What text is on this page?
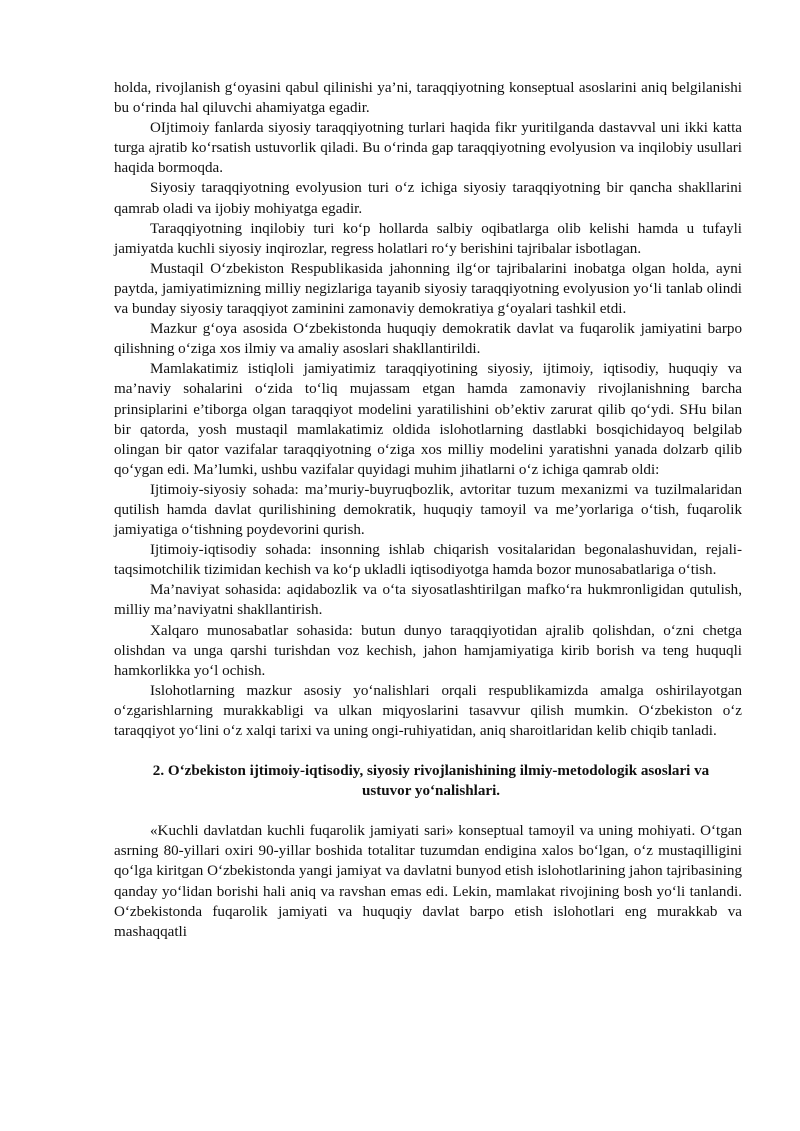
holda, rivojlanish g‘oyasini qabul qilinishi ya’ni, taraqqiyotning konseptual asoslarini aniq belgilanishi bu o‘rinda hal qiluvchi ahamiyatga egadir.

OIjtimoiy fanlarda siyosiy taraqqiyotning turlari haqida fikr yuritilganda dastavval uni ikki katta turga ajratib ko‘rsatish ustuvorlik qiladi. Bu o‘rinda gap taraqqiyotning evolyusion va inqilobiy usullari haqida bormoqda.

Siyosiy taraqqiyotning evolyusion turi o‘z ichiga siyosiy taraqqiyotning bir qancha shakllarini qamrab oladi va ijobiy mohiyatga egadir.

Taraqqiyotning inqilobiy turi ko‘p hollarda salbiy oqibatlarga olib kelishi hamda u tufayli jamiyatda kuchli siyosiy inqirozlar, regress holatlari ro‘y berishini tajribalar isbotlagan.

Mustaqil O‘zbekiston Respublikasida jahonning ilg‘or tajribalarini inobatga olgan holda, ayni paytda, jamiyatimizning milliy negizlariga tayanib siyosiy taraqqiyotning evolyusion yo‘li tanlab olindi va bunday siyosiy taraqqiyot zaminini zamonaviy demokratiya g‘oyalari tashkil etdi.

Mazkur g‘oya asosida O‘zbekistonda huquqiy demokratik davlat va fuqarolik jamiyatini barpo qilishning o‘ziga xos ilmiy va amaliy asoslari shakllantirildi.

Mamlakatimiz istiqloli jamiyatimiz taraqqiyotining siyosiy, ijtimoiy, iqtisodiy, huquqiy va ma’naviy sohalarini o‘zida to‘liq mujassam etgan hamda zamonaviy rivojlanishning barcha prinsiplarini e’tiborga olgan taraqqiyot modelini yaratilishini ob’ektiv zarurat qilib qo‘ydi. SHu bilan bir qatorda, yosh mustaqil mamlakatimiz oldida islohotlarning dastlabki bosqichidayoq belgilab olingan bir qator vazifalar taraqqiyotning o‘ziga xos milliy modelini yaratishni yanada dolzarb qilib qo‘ygan edi. Ma’lumki, ushbu vazifalar quyidagi muhim jihatlarni o‘z ichiga qamrab oldi:

Ijtimoiy-siyosiy sohada: ma’muriy-buyruqbozlik, avtoritar tuzum mexanizmi va tuzilmalaridan qutilish hamda davlat qurilishining demokratik, huquqiy tamoyil va me’yorlariga o‘tish, fuqarolik jamiyatiga o‘tishning poydevorini qurish.

Ijtimoiy-iqtisodiy sohada: insonning ishlab chiqarish vositalaridan begonalashuvidan, rejali-taqsimotchilik tizimidan kechish va ko‘p ukladli iqtisodiyotga hamda bozor munosabatlariga o‘tish.

Ma’naviyat sohasida: aqidabozlik va o‘ta siyosatlashtirilgan mafko‘ra hukmronligidan qutulish, milliy ma’naviyatni shakllantirish.

Xalqaro munosabatlar sohasida: butun dunyo taraqqiyotidan ajralib qolishdan, o‘zni chetga olishdan va unga qarshi turishdan voz kechish, jahon hamjamiyatiga kirib borish va teng huquqli hamkorlikka yo‘l ochish.

Islohotlarning mazkur asosiy yo‘nalishlari orqali respublikamizda amalga oshirilayotgan o‘zgarishlarning murakkabligi va ulkan miqyoslarini tasavvur qilish mumkin. O‘zbekiston o‘z taraqqiyot yo‘lini o‘z xalqi tarixi va uning ongi-ruhiyatidan, aniq sharoitlaridan kelib chiqib tanladi.

2. O‘zbekiston ijtimoiy-iqtisodiy, siyosiy rivojlanishining ilmiy-metodologik asoslari va ustuvor yo‘nalishlari.

«Kuchli davlatdan kuchli fuqarolik jamiyati sari» konseptual tamoyil va uning mohiyati. O‘tgan asrning 80-yillari oxiri 90-yillar boshida totalitar tuzumdan endigina xalos bo‘lgan, o‘z mustaqilligini qo‘lga kiritgan O‘zbekistonda yangi jamiyat va davlatni bunyod etish islohotlarining jahon tajribasining qanday yo‘lidan borishi hali aniq va ravshan emas edi. Lekin, mamlakat rivojining bosh yo‘li tanlandi. O‘zbekistonda fuqarolik jamiyati va huquqiy davlat barpo etish islohotlari eng murakkab va mashaqqatli
